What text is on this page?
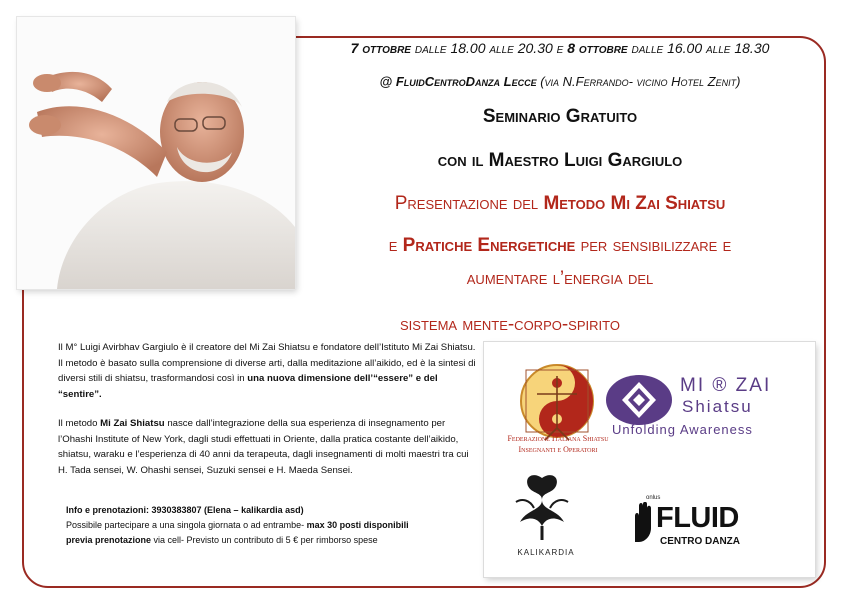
7 ottobre dalle 18.00 alle 20.30 e 8 ottobre dalle 16.00 alle 18.30
@ FluidCentroDanza Lecce (via N.Ferrando- vicino Hotel Zenit)
Seminario Gratuito
con il Maestro Luigi Gargiulo
Presentazione del Metodo Mi Zai Shiatsu
e Pratiche Energetiche per sensibilizzare e
aumentare l’energia del
sistema mente-corpo-spirito
Il M° Luigi Avirbhav Gargiulo è il creatore del Mi Zai Shiatsu e fondatore dell’Istituto Mi Zai Shiatsu. Il metodo è basato sulla comprensione di diverse arti, dalla meditazione all’aikido, ed è la sintesi di diversi stili di shiatsu, trasformandosi così in una nuova dimensione dell’“essere” e del “sentire”.
Il metodo Mi Zai Shiatsu nasce dall’integrazione della sua esperienza di insegnamento per l’Ohashi Institute of New York, dagli studi effettuati in Oriente, dalla pratica costante dell’aikido, shiatsu, waraku e l’esperienza di 40 anni da terapeuta, dagli insegnamenti di molti maestri tra cui H. Tada sensei, W. Ohashi sensei, Suzuki sensei e H. Maeda Sensei.
Info e prenotazioni: 3930383807 (Elena – kalikardia asd)
Possibile partecipare a una singola giornata o ad entrambe- max 30 posti disponibili
previa prenotazione via cell- Previsto un contributo di 5 € per rimborso spese
Federazione Italiana Shiatsu
Insegnanti e Operatori
MI ® ZAI
Shiatsu
Unfolding Awareness
KALIKARDIA
onlus
FLUID
CENTRO DANZA
